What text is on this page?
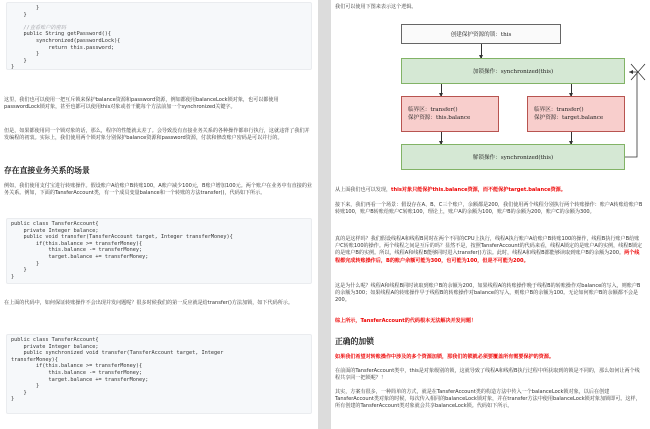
}
}
//查看账户的密码
public String getPassword(){
synchronized(passwordLock){
return this.password;
}
}
}
这里，我们也可以使用一把互斥锁来保护balance资源和password资源，例如都使用balanceLock锁对象，也可以都使用passwordLock锁对象，甚至也都可以使用this对象或者干脆每个方法前加一个synchronized关键字。
但是，如果都使用同一个锁对象的话，那么，程序的性能就太差了。会导致没有直接业务关系的各种操作都串行执行，这就违背了我们并发编程的初衷。实际上，我们使用两个锁对象分别保护balance资源和password资源，付款和修改账户密码是可以并行的。
存在直接业务关系的场景
例如，我们使用支付宝进行转账操作。假设账户A给账户B转账100，A账户减少100元，B账户增加100元。两个账户在业务中有直接的业务关系。例如，下面的TansferAccount类，有一个成员变量balance和一个转账的方法transfer()，代码如下所示。
public class TansferAccount{
private Integer balance;
public void transfer(TansferAccount target, Integer transferMoney){
if(this.balance >= transferMoney){
this.balance -= transferMoney;
target.balance += transferMoney;
}
}
}
在上面的代码中，如何保证转账操作不会出现并发问题呢？很多时候我们的第一反应就是给transfer()方法加锁，如下代码所示。
public class TansferAccount{
private Integer balance;
public synchronized void transfer(TansferAccount target, Integer
transferMoney){
if(this.balance >= transferMoney){
this.balance -= transferMoney;
target.balance += transferMoney;
}
}
}
我们可以使用下图来表示这个逻辑。
创建保护资源的锁：this
加锁操作：synchronized(this)
临界区：transfer()
保护资源：this.balance
临界区：transfer()
保护资源：target.balance
解锁操作：synchronized(this)
从上面我们也可以发现，this对象只能保护this.balance资源，而不能保护target.balance资源。
接下来，我们再看一个场景：假设存在A、B、C三个账户，余额都是200，我们使用两个线程分别执行两个转账操作：账户A转账给账户B转账100，账户B转账给账户C转账100，理论上，账户A的余额为100，账户B的余额为200，账户C的余额为300。
真的是这样吗？我们假设线程A和线程B同时在两个不同的CPU上执行，线程A执行账户A给账户B转账100的操作，线程B执行账户B给账户C转账100的操作。两个线程之间是互斥的吗？显然不是，按照TansferAccount的代码来看，线程A锁定的是账户A的实例，线程B锁定的是账户B的实例。所以，线程A和线程B能够同时进入transfer()方法。此时，线程A和线程B都能够读取到账户B的余额为200。两个线程都完成转账操作后，B的账户余额可能为300，也可能为100，但是不可能为200。
这是为什么呢？线程A和线程B同时读取到账户B的余额为200，如果线程A的转账操作晚于线程B的转账操作对balance的写入，则账户B的余额为300；如果线程A的转账操作早于线程B的转账操作对balance的写入，则账户B的余额为100。无论如何账户B的余额都不会是200。
综上所示，TansferAccount的代码根本无法解决并发问题！
正确的加锁
如果我们希望对转账操作中涉及的多个资源加锁，那我们的锁就必须要覆盖所有需要保护的资源。
在前面的TansferAccount类中，this是对象级别的锁，这就导致了线程A和线程B执行过程中所获取到的锁是不同的，那么如何让两个线程共享同一把锁呢？！
其实，方案有很多，一种简单的方式，就是在TansferAccount类的构造方法中传入一个balanceLock锁对象，以后在创建TansferAccount类对象的时候，每次传入相同的balanceLock锁对象，并在transfer方法中使用balanceLock锁对象加锁即可。这样，所有创建的TansferAccount类对象就会共享balanceLock锁。代码如下所示。
